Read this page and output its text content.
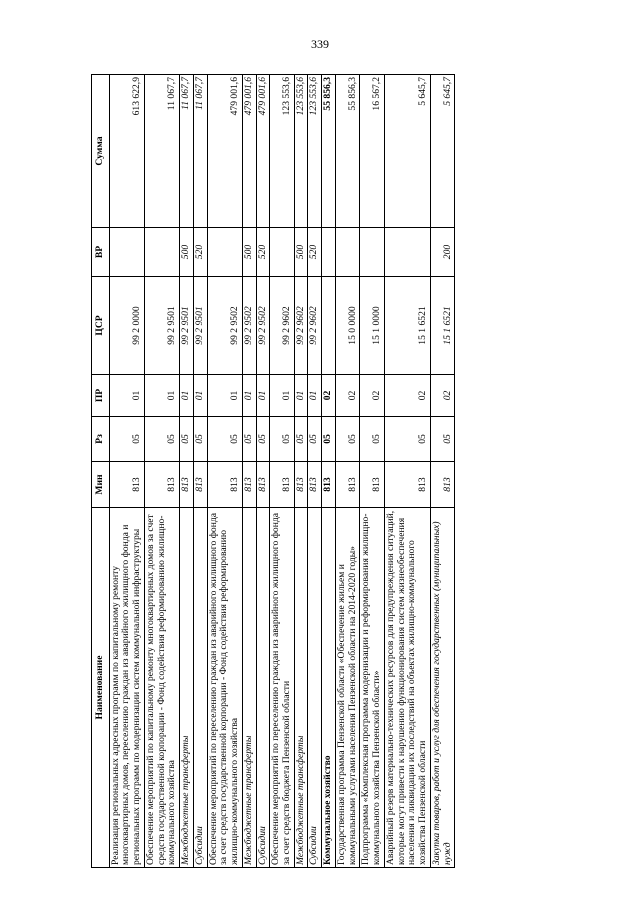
339
Наименование	Мин	Рз	ПР	ЦСР	ВР	Сумма
Реализация региональных адресных программ по капитальному ремонту многоквартирных домов, переселению граждан из аварийного жилищного фонда и региональных программ по модернизации систем коммунальной инфраструктуры	813	05	01	99 2 0000		613 622,9
Обеспечение мероприятий по капитальному ремонту многоквартирных домов за счет средств государственной корпорации - Фонд содействия реформированию жилищно-коммунального хозяйства	813	05	01	99 2 9501		11 067,7
Межбюджетные трансферты	813	05	01	99 2 9501	500	11 067,7
Субсидии	813	05	01	99 2 9501	520	11 067,7
Обеспечение мероприятий по переселению граждан из аварийного жилищного фонда за счет средств государственной корпорации - Фонд содействия реформированию жилищно-коммунального хозяйства	813	05	01	99 2 9502		479 001,6
Межбюджетные трансферты	813	05	01	99 2 9502	500	479 001,6
Субсидии	813	05	01	99 2 9502	520	479 001,6
Обеспечение мероприятий по переселению граждан из аварийного жилищного фонда за счет средств бюджета Пензенской области	813	05	01	99 2 9602		123 553,6
Межбюджетные трансферты	813	05	01	99 2 9602	500	123 553,6
Субсидии	813	05	01	99 2 9602	520	123 553,6
Коммунальное хозяйство	813	05	02			55 856,3
Государственная программа Пензенской области «Обеспечение жильем и коммунальными услугами населения Пензенской области на 2014-2020 годы»	813	05	02	15 0 0000		55 856,3
Подпрограмма «Комплексная программа модернизации и реформирования жилищно-коммунального хозяйства Пензенской области»	813	05	02	15 1 0000		16 567,2
Аварийный резерв материально-технических ресурсов для предупреждения ситуаций, которые могут привести к нарушению функционирования систем жизнеобеспечения населения и ликвидации их последствий на объектах жилищно-коммунального хозяйства Пензенской области	813	05	02	15 1 6521		5 645,7
Закупка товаров, работ и услуг для обеспечения государственных (муниципальных) нужд	813	05	02	15 1 6521	200	5 645,7
